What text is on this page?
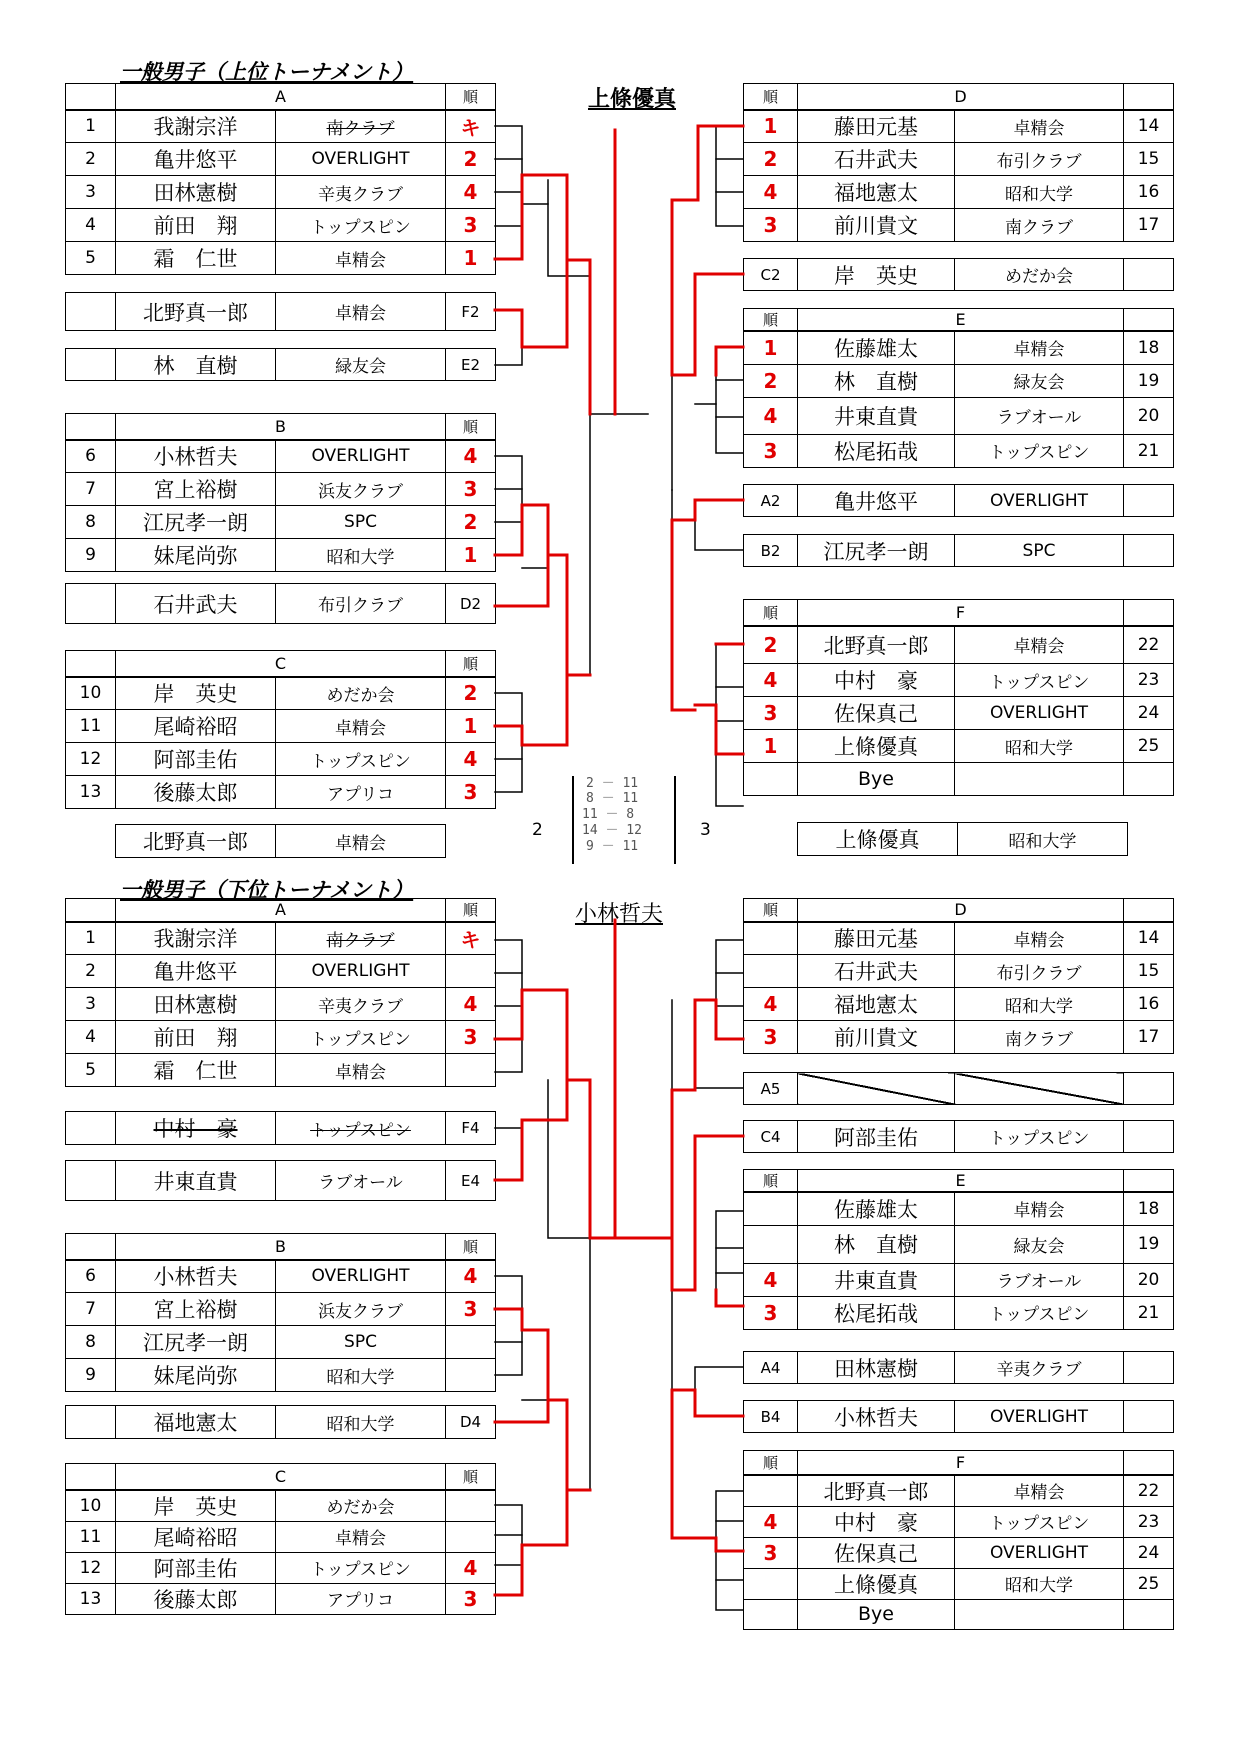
一般男子（上位トーナメント）
上條優真
	A		順
1	我謝宗洋	南クラブ	キ
2	亀井悠平	OVERLIGHT	2
3	田林憲樹	辛夷クラブ	4
4	前田　翔	トップスピン	3
5	霜　仁世	卓精会	1
	北野真一郎	卓精会	F2
	林　直樹	緑友会	E2
	B		順
6	小林哲夫	OVERLIGHT	4
7	宮上裕樹	浜友クラブ	3
8	江尻孝一朗	SPC	2
9	妹尾尚弥	昭和大学	1
	石井武夫	布引クラブ	D2
	C		順
10	岸　英史	めだか会	2
11	尾崎裕昭	卓精会	1
12	阿部圭佑	トップスピン	4
13	後藤太郎	アプリコ	3
北野真一郎	卓精会
2
2 － 11
8 － 11
11 － 8
14 － 12
9 － 11
3	上條優真	昭和大学
順	D		
1	藤田元基	卓精会	14
2	石井武夫	布引クラブ	15
4	福地憲太	昭和大学	16
3	前川貴文	南クラブ	17
C2	岸　英史	めだか会	
順	E		
1	佐藤雄太	卓精会	18
2	林　直樹	緑友会	19
4	井東直貴	ラブオール	20
3	松尾拓哉	トップスピン	21
A2	亀井悠平	OVERLIGHT	
B2	江尻孝一朗	SPC	
順	F		
2	北野真一郎	卓精会	22
4	中村　豪	トップスピン	23
3	佐保真己	OVERLIGHT	24
1	上條優真	昭和大学	25
	Bye		
一般男子（下位トーナメント）
小林哲夫
	A		順
1	我謝宗洋	南クラブ	キ
2	亀井悠平	OVERLIGHT	
3	田林憲樹	辛夷クラブ	4
4	前田　翔	トップスピン	3
5	霜　仁世	卓精会	
	中村　豪	トップスピン	F4
	井東直貴	ラブオール	E4
	B		順
6	小林哲夫	OVERLIGHT	4
7	宮上裕樹	浜友クラブ	3
8	江尻孝一朗	SPC	
9	妹尾尚弥	昭和大学	
	福地憲太	昭和大学	D4
	C		順
10	岸　英史	めだか会	
11	尾崎裕昭	卓精会	
12	阿部圭佑	トップスピン	4
13	後藤太郎	アプリコ	3
順	D		
	藤田元基	卓精会	14
	石井武夫	布引クラブ	15
4	福地憲太	昭和大学	16
3	前川貴文	南クラブ	17
A5			
C4	阿部圭佑	トップスピン	
順	E		
	佐藤雄太	卓精会	18
	林　直樹	緑友会	19
4	井東直貴	ラブオール	20
3	松尾拓哉	トップスピン	21
A4	田林憲樹	辛夷クラブ	
B4	小林哲夫	OVERLIGHT	
順	F		
	北野真一郎	卓精会	22
4	中村　豪	トップスピン	23
3	佐保真己	OVERLIGHT	24
	上條優真	昭和大学	25
	Bye		
